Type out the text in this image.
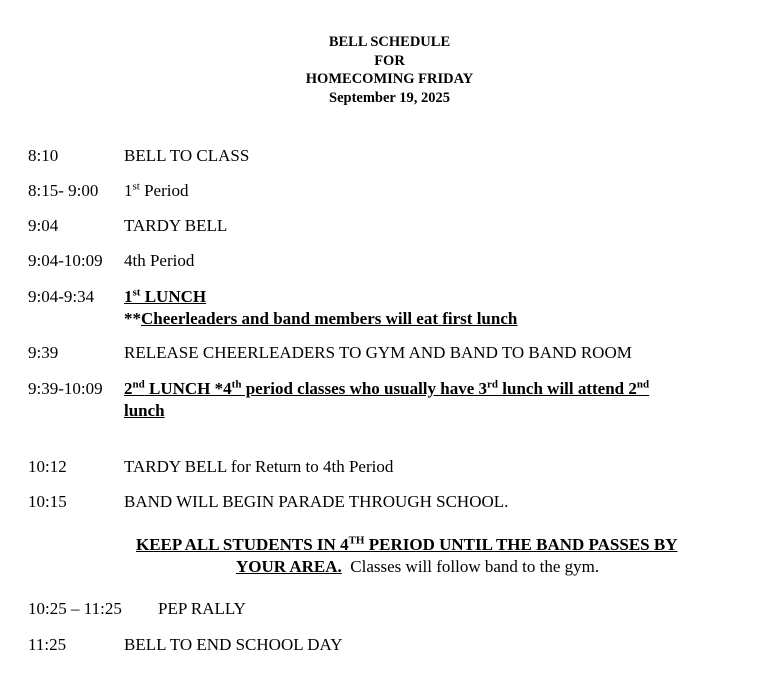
BELL SCHEDULE
FOR
HOMECOMING FRIDAY
September 19, 2025
8:10	BELL TO CLASS
8:15- 9:00 1st Period
9:04	TARDY BELL
9:04-10:09 4th Period
9:04-9:34 1st LUNCH
**Cheerleaders and band members will eat first lunch
9:39	RELEASE CHEERLEADERS TO GYM AND BAND TO BAND ROOM
9:39-10:09 2nd LUNCH *4th period classes who usually have 3rd lunch will attend 2nd
lunch
10:12	TARDY BELL for Return to 4th Period
10:15	BAND WILL BEGIN PARADE THROUGH SCHOOL.
KEEP ALL STUDENTS IN 4TH PERIOD UNTIL THE BAND PASSES BY
YOUR AREA.  Classes will follow band to the gym.
10:25 – 11:25 PEP RALLY
11:25	BELL TO END SCHOOL DAY
